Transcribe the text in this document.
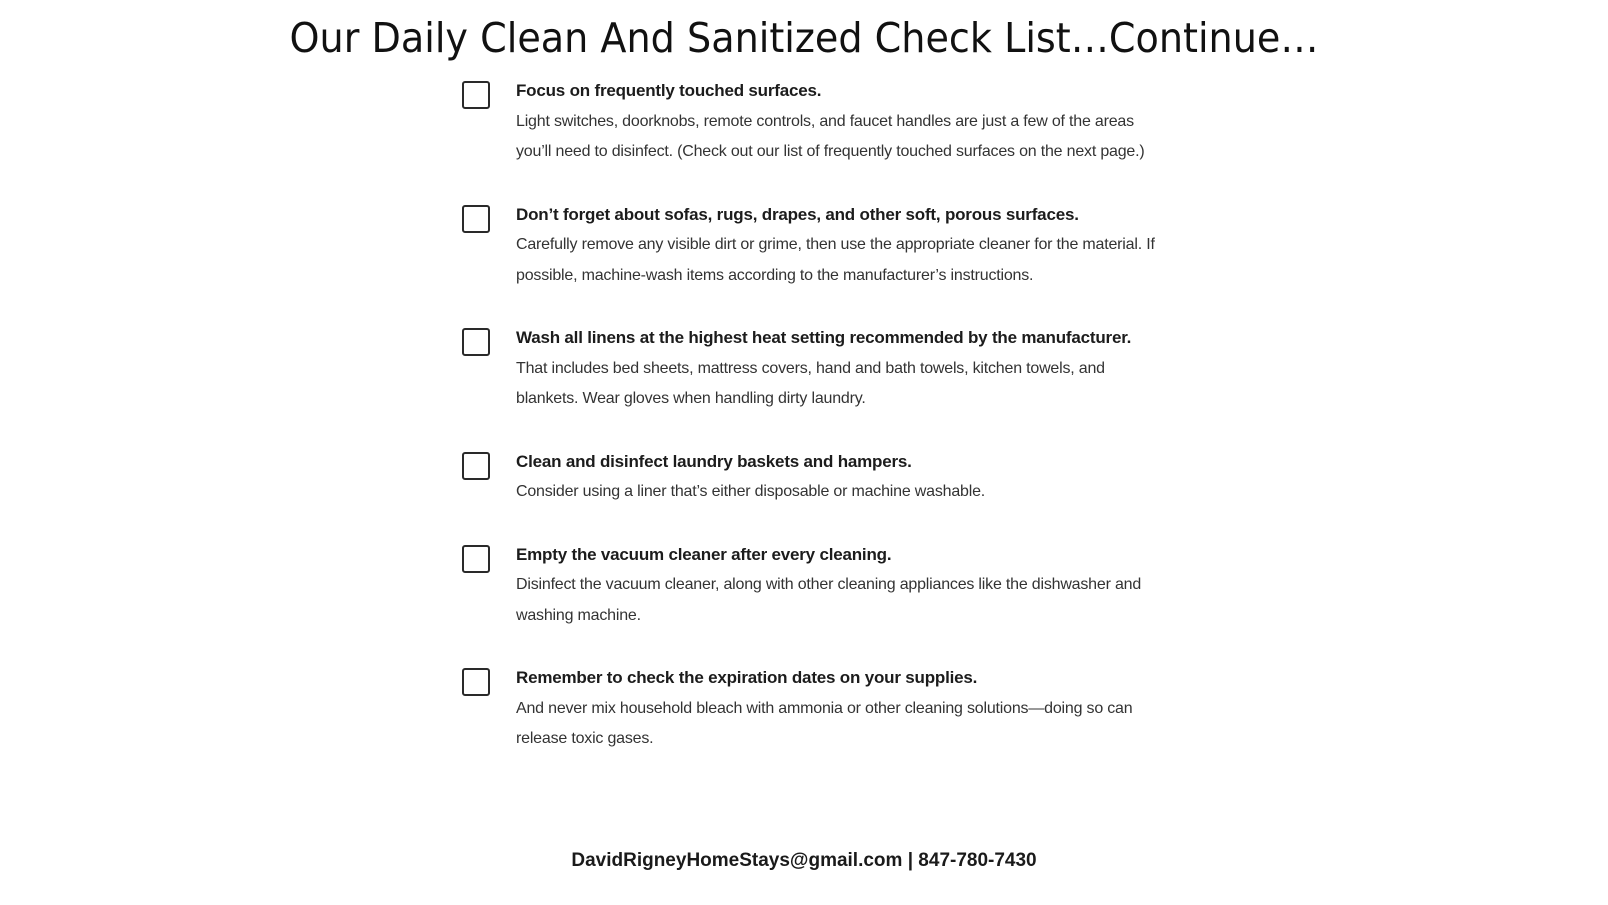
Our Daily Clean And Sanitized Check List…Continue…
Focus on frequently touched surfaces.
Light switches, doorknobs, remote controls, and faucet handles are just a few of the areas you’ll need to disinfect. (Check out our list of frequently touched surfaces on the next page.)
Don’t forget about sofas, rugs, drapes, and other soft, porous surfaces.
Carefully remove any visible dirt or grime, then use the appropriate cleaner for the material. If possible, machine-wash items according to the manufacturer’s instructions.
Wash all linens at the highest heat setting recommended by the manufacturer.
That includes bed sheets, mattress covers, hand and bath towels, kitchen towels, and blankets. Wear gloves when handling dirty laundry.
Clean and disinfect laundry baskets and hampers.
Consider using a liner that’s either disposable or machine washable.
Empty the vacuum cleaner after every cleaning.
Disinfect the vacuum cleaner, along with other cleaning appliances like the dishwasher and washing machine.
Remember to check the expiration dates on your supplies.
And never mix household bleach with ammonia or other cleaning solutions—doing so can release toxic gases.
DavidRigneyHomeStays@gmail.com | 847-780-7430
